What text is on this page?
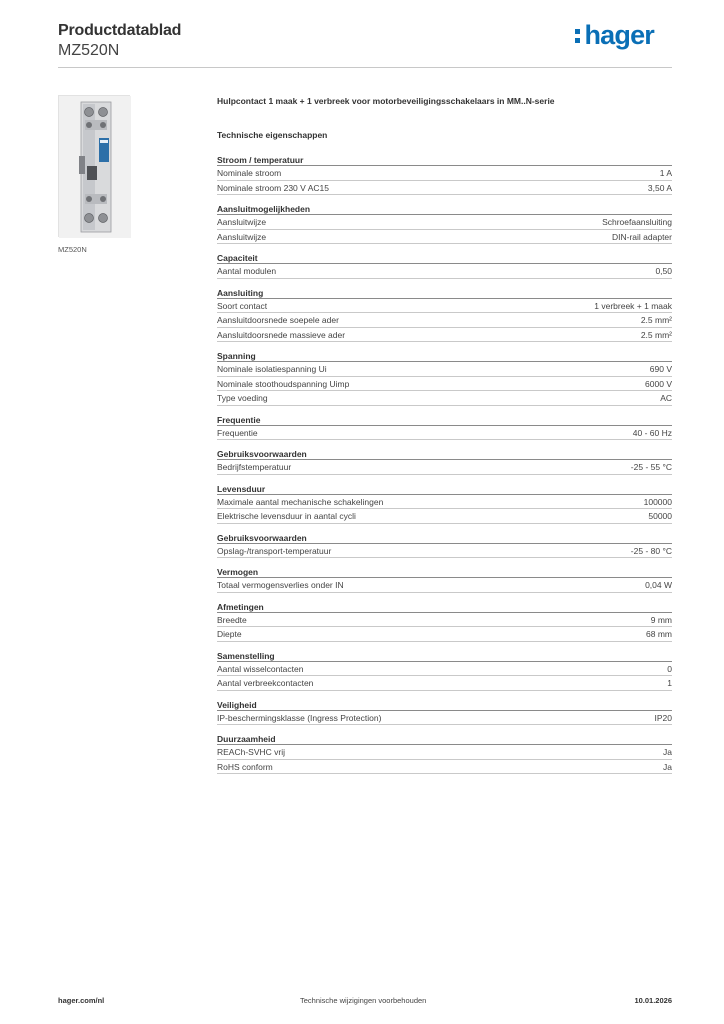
Productdatablad
MZ520N
hager
MZ520N
Hulpcontact 1 maak + 1 verbreek voor motorbeveiligingsschakelaars in MM..N-serie
Technische eigenschappen
Stroom / temperatuur
Nominale stroom	1 A
Nominale stroom 230 V AC15	3,50 A
Aansluitmogelijkheden
Aansluitwijze	Schroefaansluiting
Aansluitwijze	DIN-rail adapter
Capaciteit
Aantal modulen	0,50
Aansluiting
Soort contact	1 verbreek + 1 maak
Aansluitdoorsnede soepele ader	2.5 mm²
Aansluitdoorsnede massieve ader	2.5 mm²
Spanning
Nominale isolatiespanning Ui	690 V
Nominale stoothoudspanning Uimp	6000 V
Type voeding	AC
Frequentie
Frequentie	40 - 60 Hz
Gebruiksvoorwaarden
Bedrijfstemperatuur	-25 - 55 °C
Levensduur
Maximale aantal mechanische schakelingen	100000
Elektrische levensduur in aantal cycli	50000
Gebruiksvoorwaarden
Opslag-/transport-temperatuur	-25 - 80 °C
Vermogen
Totaal vermogensverlies onder IN	0,04 W
Afmetingen
Breedte	9 mm
Diepte	68 mm
Samenstelling
Aantal wisselcontacten	0
Aantal verbreekcontacten	1
Veiligheid
IP-beschermingsklasse (Ingress Protection)	IP20
Duurzaamheid
REACh-SVHC vrij	Ja
RoHS conform	Ja
hager.com/nl	Technische wijzigingen voorbehouden	10.01.2026
